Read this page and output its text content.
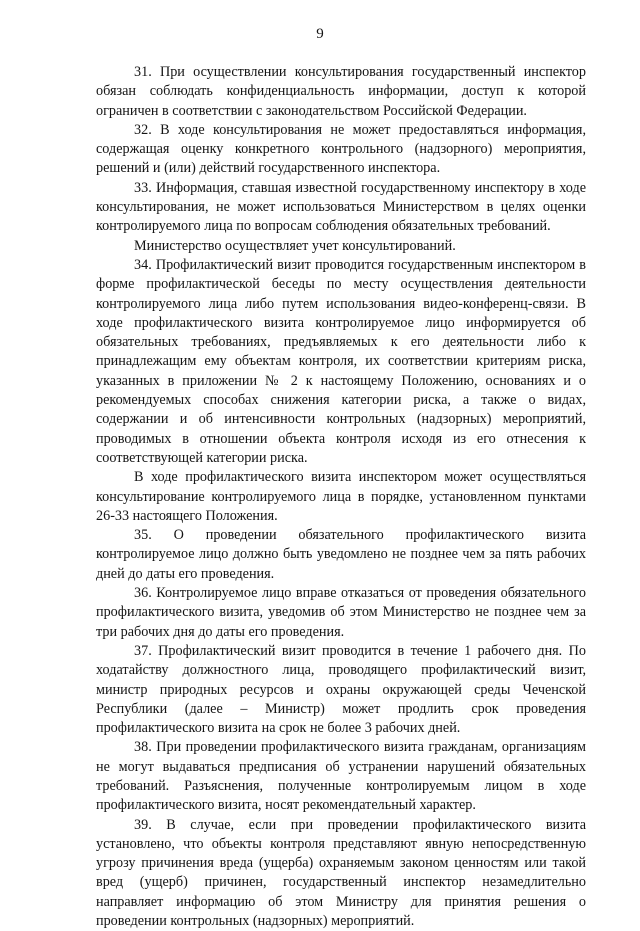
9

31. При осуществлении консультирования государственный инспектор обязан соблюдать конфиденциальность информации, доступ к которой ограничен в соответствии с законодательством Российской Федерации.

32. В ходе консультирования не может предоставляться информация, содержащая оценку конкретного контрольного (надзорного) мероприятия, решений и (или) действий государственного инспектора.

33. Информация, ставшая известной государственному инспектору в ходе консультирования, не может использоваться Министерством в целях оценки контролируемого лица по вопросам соблюдения обязательных требований.

Министерство осуществляет учет консультирований.

34. Профилактический визит проводится государственным инспектором в форме профилактической беседы по месту осуществления деятельности контролируемого лица либо путем использования видео-конференц-связи. В ходе профилактического визита контролируемое лицо информируется об обязательных требованиях, предъявляемых к его деятельности либо к принадлежащим ему объектам контроля, их соответствии критериям риска, указанных в приложении № 2 к настоящему Положению, основаниях и о рекомендуемых способах снижения категории риска, а также о видах, содержании и об интенсивности контрольных (надзорных) мероприятий, проводимых в отношении объекта контроля исходя из его отнесения к соответствующей категории риска.

В ходе профилактического визита инспектором может осуществляться консультирование контролируемого лица в порядке, установленном пунктами 26-33 настоящего Положения.

35. О проведении обязательного профилактического визита контролируемое лицо должно быть уведомлено не позднее чем за пять рабочих дней до даты его проведения.

36. Контролируемое лицо вправе отказаться от проведения обязательного профилактического визита, уведомив об этом Министерство не позднее чем за три рабочих дня до даты его проведения.

37. Профилактический визит проводится в течение 1 рабочего дня. По ходатайству должностного лица, проводящего профилактический визит, министр природных ресурсов и охраны окружающей среды Чеченской Республики (далее – Министр) может продлить срок проведения профилактического визита на срок не более 3 рабочих дней.

38. При проведении профилактического визита гражданам, организациям не могут выдаваться предписания об устранении нарушений обязательных требований. Разъяснения, полученные контролируемым лицом в ходе профилактического визита, носят рекомендательный характер.

39. В случае, если при проведении профилактического визита установлено, что объекты контроля представляют явную непосредственную угрозу причинения вреда (ущерба) охраняемым законом ценностям или такой вред (ущерб) причинен, государственный инспектор незамедлительно направляет информацию об этом Министру для принятия решения о проведении контрольных (надзорных) мероприятий.
